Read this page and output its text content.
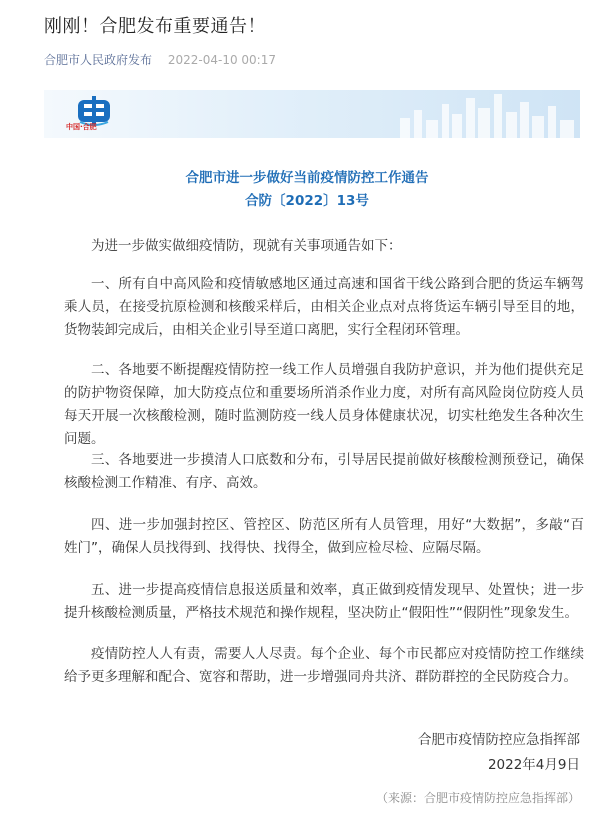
刚刚！合肥发布重要通告！
合肥市人民政府发布 2022-04-10 00:17
中国·合肥
合肥市进一步做好当前疫情防控工作通告
合防〔2022〕13号

为进一步做实做细疫情防，现就有关事项通告如下：

一、所有自中高风险和疫情敏感地区通过高速和国省干线公路到合肥的货运车辆驾乘人员，在接受抗原检测和核酸采样后，由相关企业点对点将货运车辆引导至目的地，货物装卸完成后，由相关企业引导至道口离肥，实行全程闭环管理。

二、各地要不断提醒疫情防控一线工作人员增强自我防护意识，并为他们提供充足的防护物资保障，加大防疫点位和重要场所消杀作业力度，对所有高风险岗位防疫人员每天开展一次核酸检测，随时监测防疫一线人员身体健康状况，切实杜绝发生各种次生问题。

三、各地要进一步摸清人口底数和分布，引导居民提前做好核酸检测预登记，确保核酸检测工作精准、有序、高效。

四、进一步加强封控区、管控区、防范区所有人员管理，用好“大数据”，多敲“百姓门”，确保人员找得到、找得快、找得全，做到应检尽检、应隔尽隔。

五、进一步提高疫情信息报送质量和效率，真正做到疫情发现早、处置快；进一步提升核酸检测质量，严格技术规范和操作规程，坚决防止“假阳性”“假阴性”现象发生。

疫情防控人人有责，需要人人尽责。每个企业、每个市民都应对疫情防控工作继续给予更多理解和配合、宽容和帮助，进一步增强同舟共济、群防群控的全民防疫合力。

合肥市疫情防控应急指挥部
2022年4月9日
（来源：合肥市疫情防控应急指挥部）
